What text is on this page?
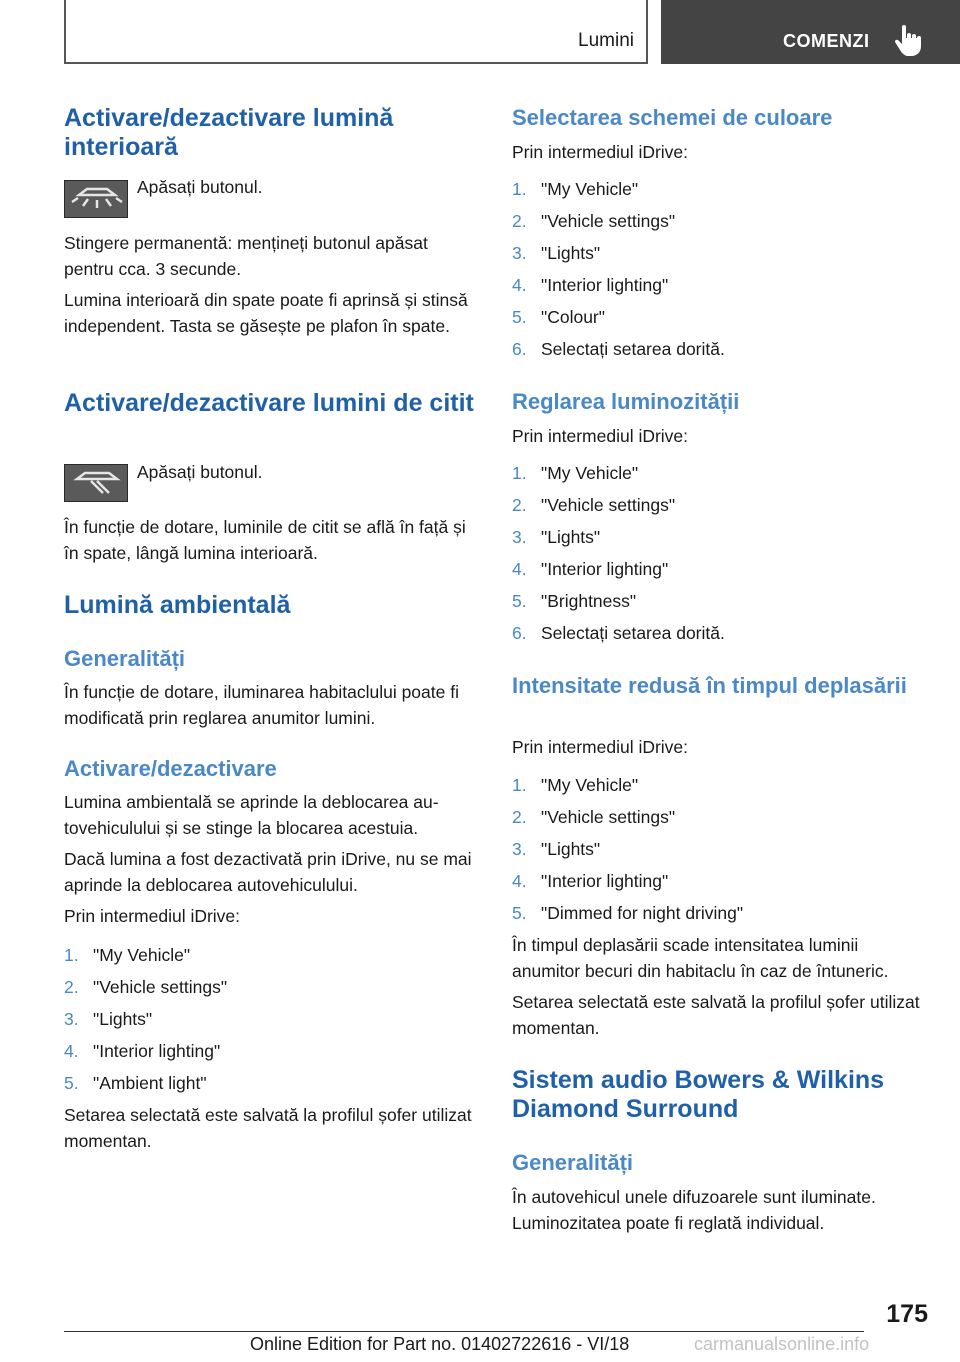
Lumini	COMENZI
Activare/dezactivare lumină interioară
Apăsați butonul.
Stingere permanentă: mențineți butonul apăsat pentru cca. 3 secunde.
Lumina interioară din spate poate fi aprinsă și stinsă independent. Tasta se găsește pe plafon în spate.
Activare/dezactivare lumini de citit
Apăsați butonul.
În funcție de dotare, luminile de citit se află în față și în spate, lângă lumina interioară.
Lumină ambientală
Generalități
În funcție de dotare, iluminarea habitaclului poate fi modificată prin reglarea anumitor lumini.
Activare/dezactivare
Lumina ambientală se aprinde la deblocarea autovehiculului și se stinge la blocarea acestuia.
Dacă lumina a fost dezactivată prin iDrive, nu se mai aprinde la deblocarea autovehiculului.
Prin intermediul iDrive:
1. "My Vehicle"
2. "Vehicle settings"
3. "Lights"
4. "Interior lighting"
5. "Ambient light"
Setarea selectată este salvată la profilul șofer utilizat momentan.
Selectarea schemei de culoare
Prin intermediul iDrive:
1. "My Vehicle"
2. "Vehicle settings"
3. "Lights"
4. "Interior lighting"
5. "Colour"
6. Selectați setarea dorită.
Reglarea luminozității
Prin intermediul iDrive:
1. "My Vehicle"
2. "Vehicle settings"
3. "Lights"
4. "Interior lighting"
5. "Brightness"
6. Selectați setarea dorită.
Intensitate redusă în timpul deplasării
Prin intermediul iDrive:
1. "My Vehicle"
2. "Vehicle settings"
3. "Lights"
4. "Interior lighting"
5. "Dimmed for night driving"
În timpul deplasării scade intensitatea luminii anumitor becuri din habitaclu în caz de întuneric.
Setarea selectată este salvată la profilul șofer utilizat momentan.
Sistem audio Bowers & Wilkins Diamond Surround
Generalități
În autovehicul unele difuzoarele sunt iluminate. Luminozitatea poate fi reglată individual.
175
Online Edition for Part no. 01402722616 - VI/18	carmanualsonline.info
